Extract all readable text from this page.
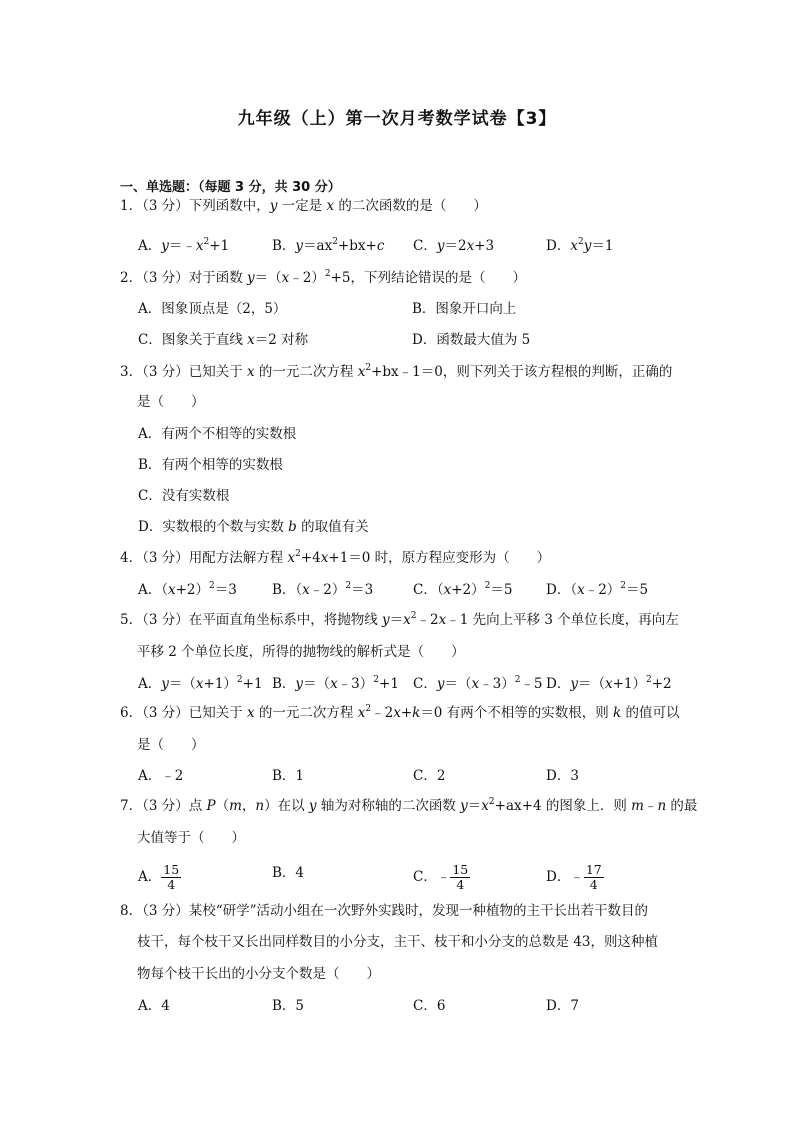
九年级（上）第一次月考数学试卷【3】
一、单选题：（每题 3 分，共 30 分）
1．（3 分）下列函数中，y 一定是 x 的二次函数的是（　　）
A．$y=﹣x^2+1$	B．$y=ax^2+bx+c$ C．y＝2x+3	D．$x^2y=1$
2．（3 分）对于函数 y＝（x﹣2）$^2$+5，下列结论错误的是（　　）
A．图象顶点是（2，5）	B．图象开口向上
C．图象关于直线 x＝2 对称	D．函数最大值为 5
3．（3 分）已知关于 x 的一元二次方程 $x^2+bx﹣1=0$，则下列关于该方程根的判断，正确的
是（　　）
A．有两个不相等的实数根
B．有两个相等的实数根
C．没有实数根
D．实数根的个数与实数 b 的取值有关
4．（3 分）用配方法解方程 $x^2+4x+1=0$ 时，原方程应变形为（　　）
A．$(x+2)^2=3$	B．（x﹣2）$^2$＝3	C．$(x+2)^2=5$ D．（x﹣2）$^2$＝5
5．（3 分）在平面直角坐标系中，将抛物线 $y=x^2﹣2x﹣1$ 先向上平移 3 个单位长度，再向左
平移 2 个单位长度，所得的抛物线的解析式是（　　）
A．$y=(x+1)^2+1$ B．y＝（x﹣3）$^2$+1 C．y＝（x﹣3）$^2$﹣5 D．$y=(x+1)^2+2$
6．（3 分）已知关于 x 的一元二次方程 $x^2﹣2x+k=0$ 有两个不相等的实数根，则 k 的值可以
是（　　）
A．﹣2	B．1	C．2	D．3
7．（3 分）点 P（m，n）在以 y 轴为对称轴的二次函数 $y=x^2+ax+4$ 的图象上．则 m﹣n 的最
大值等于（　　）
A． $\frac{15}{4}$	B．4	C．﹣ $\frac{15}{4}$	D．﹣ $\frac{17}{4}$
8．（3 分）某校“研学”活动小组在一次野外实践时，发现一种植物的主干长出若干数目的
枝干，每个枝干又长出同样数目的小分支，主干、枝干和小分支的总数是 43，则这种植
物每个枝干长出的小分支个数是（　　）
A．4	B．5	C．6	D．7
